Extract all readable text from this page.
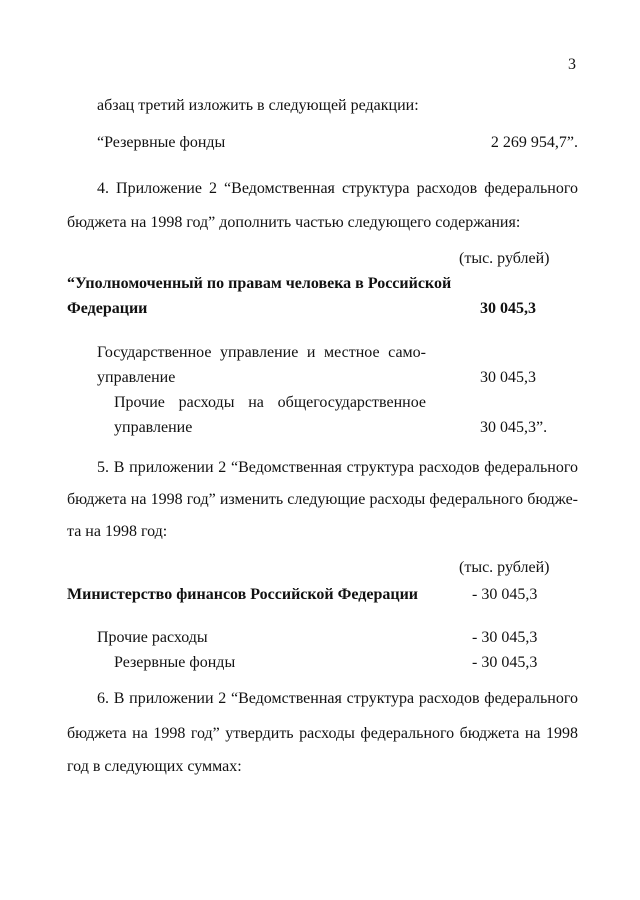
3
абзац третий изложить в следующей редакции:
“Резервные фонды	2 269 954,7”.
4. Приложение 2 “Ведомственная структура расходов федерального
бюджета на 1998 год” дополнить частью следующего содержания:
(тыс. рублей)
“Уполномоченный по правам человека в Российской
Федерации	30 045,3
Государственное управление и местное само-
управление	30 045,3
Прочие расходы на общегосударственное
управление	30 045,3”.
5. В приложении 2 “Ведомственная структура расходов федерального
бюджета на 1998 год” изменить следующие расходы федерального бюдже-
та на 1998 год:
(тыс. рублей)
Министерство финансов Российской Федерации	- 30 045,3
Прочие расходы	- 30 045,3
Резервные фонды	- 30 045,3
6. В приложении 2 “Ведомственная структура расходов федерального
бюджета на 1998 год” утвердить расходы федерального бюджета на 1998
год в следующих суммах:
